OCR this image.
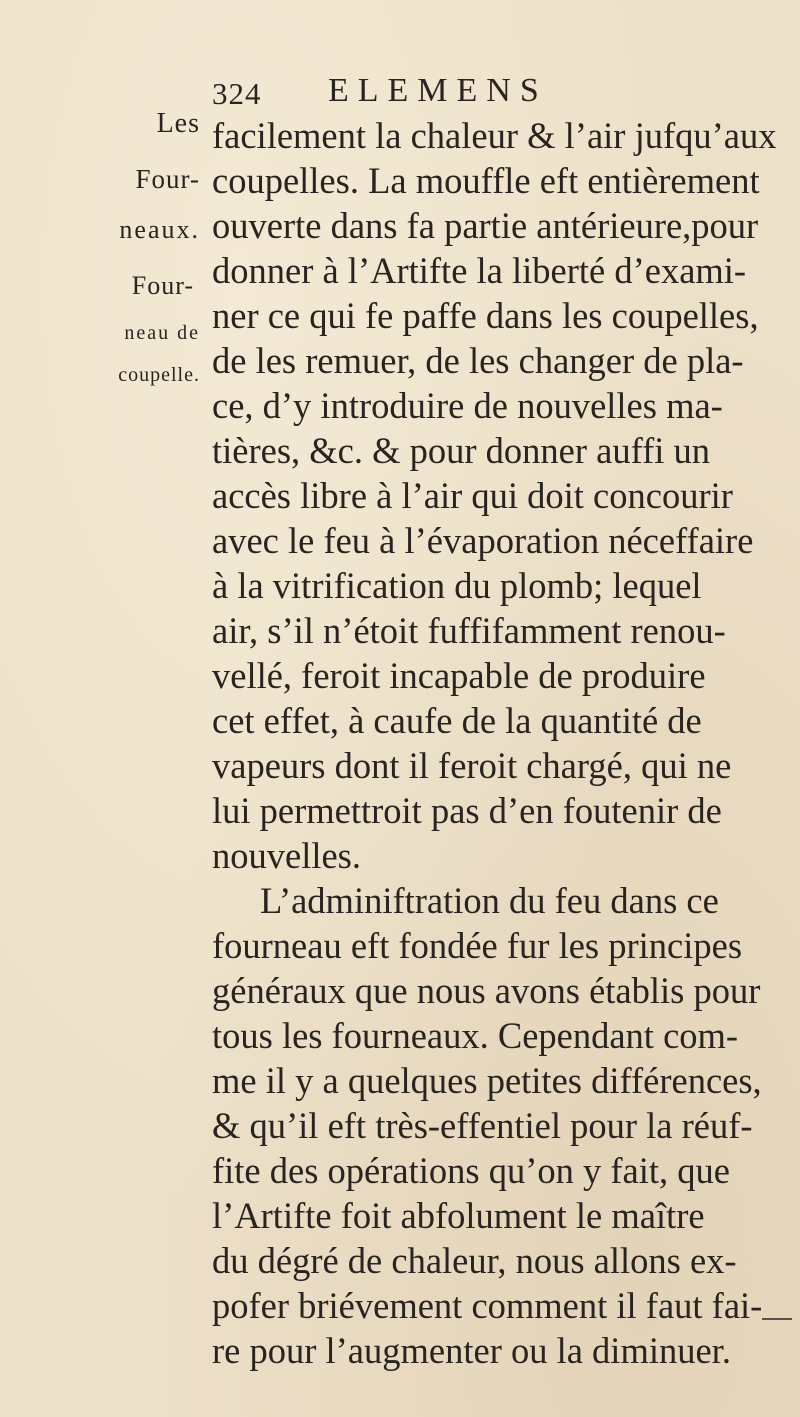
324 ELEMENS
Les
Four-
neaux.
Four-
neau de
coupelle.
facilement la chaleur & l’air jufqu’aux
coupelles. La mouffle eft entièrement
ouverte dans fa partie antérieure,pour
donner à l’Artifte la liberté d’exami-
ner ce qui fe paffe dans les coupelles,
de les remuer, de les changer de pla-
ce, d’y introduire de nouvelles ma-
tières, &c. & pour donner auffi un
accès libre à l’air qui doit concourir
avec le feu à l’évaporation néceffaire
à la vitrification du plomb; lequel
air, s’il n’étoit fuffifamment renou-
vellé, feroit incapable de produire
cet effet, à caufe de la quantité de
vapeurs dont il feroit chargé, qui ne
lui permettroit pas d’en foutenir de
nouvelles.
L’adminiftration du feu dans ce
fourneau eft fondée fur les principes
généraux que nous avons établis pour
tous les fourneaux. Cependant com-
me il y a quelques petites différences,
& qu’il eft très-effentiel pour la réuf-
fite des opérations qu’on y fait, que
l’Artifte foit abfolument le maître
du dégré de chaleur, nous allons ex-
pofer briévement comment il faut fai-
re pour l’augmenter ou la diminuer.
